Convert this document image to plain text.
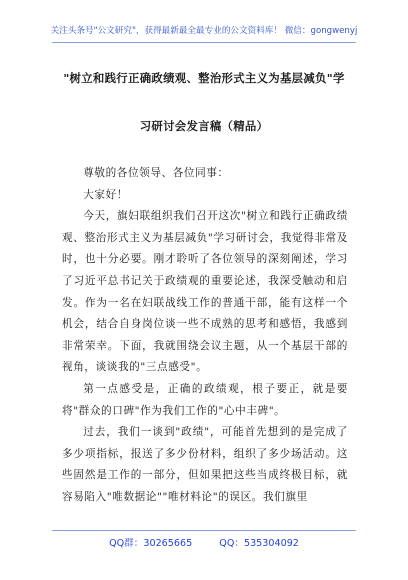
关注头条号"公文研究"，获得最新最全最专业的公文资料库！ 微信：gongwenyj
"树立和践行正确政绩观、整治形式主义为基层减负"学
习研讨会发言稿（精品）

尊敬的各位领导、各位同事：

大家好！

今天，旗妇联组织我们召开这次"树立和践行正确政绩观、整治形式主义为基层减负"学习研讨会，我觉得非常及时，也十分必要。刚才聆听了各位领导的深刻阐述，学习了习近平总书记关于政绩观的重要论述，我深受触动和启发。作为一名在妇联战线工作的普通干部，能有这样一个机会，结合自身岗位谈一些不成熟的思考和感悟，我感到非常荣幸。下面，我就围绕会议主题，从一个基层干部的视角，谈谈我的"三点感受"。

第一点感受是，正确的政绩观，根子要正，就是要将"群众的口碑"作为我们工作的"心中丰碑"。

过去，我们一谈到"政绩"，可能首先想到的是完成了多少项指标，报送了多少份材料，组织了多少场活动。这些固然是工作的一部分，但如果把这些当成终极目标，就容易陷入"唯数据论""唯材料论"的误区。我们旗里

QQ群：30265665	QQ：535304092
